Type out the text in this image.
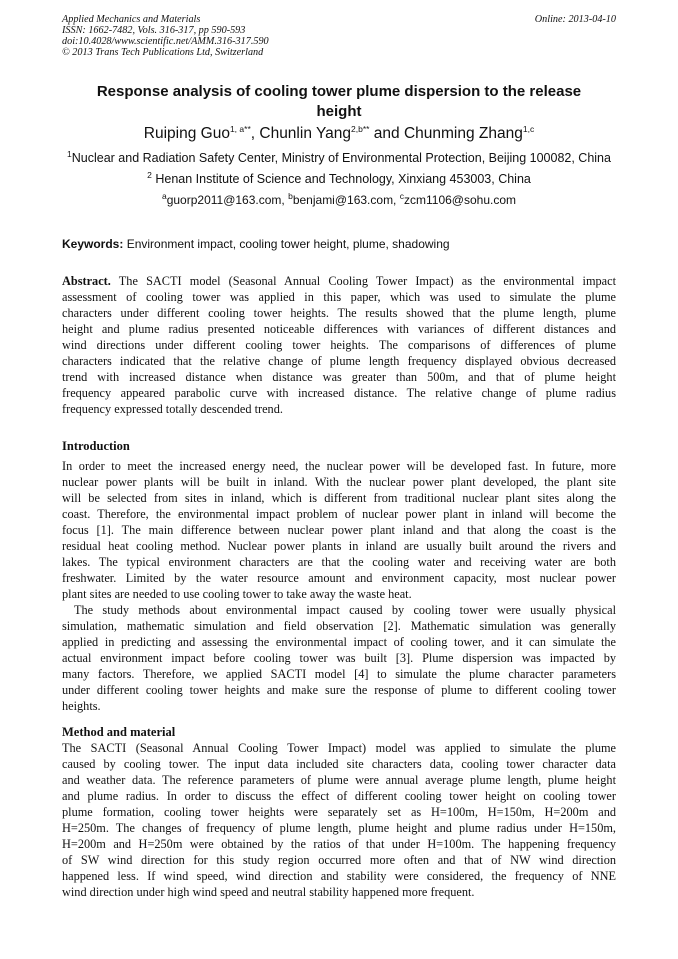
Applied Mechanics and Materials
ISSN: 1662-7482, Vols. 316-317, pp 590-593
doi:10.4028/www.scientific.net/AMM.316-317.590
© 2013 Trans Tech Publications Ltd, Switzerland
Online: 2013-04-10
Response analysis of cooling tower plume dispersion to the release
height
Ruiping Guo$^{1, a**}$, Chunlin Yang$^{2,b**}$ and Chunming Zhang$^{1,c}$
$^1$Nuclear and Radiation Safety Center, Ministry of Environmental Protection, Beijing 100082, China
$^2$ Henan Institute of Science and Technology, Xinxiang 453003, China
$^a$guorp2011@163.com, $^b$benjami@163.com, $^c$zcm1106@sohu.com
Keywords: Environment impact, cooling tower height, plume, shadowing
Abstract. The SACTI model (Seasonal Annual Cooling Tower Impact) as the environmental impact
assessment of cooling tower was applied in this paper, which was used to simulate the plume
characters under different cooling tower heights. The results showed that the plume length, plume
height and plume radius presented noticeable differences with variances of different distances and
wind directions under different cooling tower heights. The comparisons of differences of plume
characters indicated that the relative change of plume length frequency displayed obvious decreased
trend with increased distance when distance was greater than 500m, and that of plume height
frequency appeared parabolic curve with increased distance. The relative change of plume radius
frequency expressed totally descended trend.
Introduction
In order to meet the increased energy need, the nuclear power will be developed fast. In future, more
nuclear power plants will be built in inland. With the nuclear power plant developed, the plant site
will be selected from sites in inland, which is different from traditional nuclear plant sites along the
coast. Therefore, the environmental impact problem of nuclear power plant in inland will become the
focus [1]. The main difference between nuclear power plant inland and that along the coast is the
residual heat cooling method. Nuclear power plants in inland are usually built around the rivers and
lakes. The typical environment characters are that the cooling water and receiving water are both
freshwater. Limited by the water resource amount and environment capacity, most nuclear power
plant sites are needed to use cooling tower to take away the waste heat.
The study methods about environmental impact caused by cooling tower were usually physical
simulation, mathematic simulation and field observation [2]. Mathematic simulation was generally
applied in predicting and assessing the environmental impact of cooling tower, and it can simulate the
actual environment impact before cooling tower was built [3]. Plume dispersion was impacted by
many factors. Therefore, we applied SACTI model [4] to simulate the plume character parameters
under different cooling tower heights and make sure the response of plume to different cooling tower
heights.
Method and material
The SACTI (Seasonal Annual Cooling Tower Impact) model was applied to simulate the plume
caused by cooling tower. The input data included site characters data, cooling tower character data
and weather data. The reference parameters of plume were annual average plume length, plume height
and plume radius. In order to discuss the effect of different cooling tower height on cooling tower
plume formation, cooling tower heights were separately set as H=100m, H=150m, H=200m and
H=250m. The changes of frequency of plume length, plume height and plume radius under H=150m,
H=200m and H=250m were obtained by the ratios of that under H=100m. The happening frequency
of SW wind direction for this study region occurred more often and that of NW wind direction
happened less. If wind speed, wind direction and stability were considered, the frequency of NNE
wind direction under high wind speed and neutral stability happened more frequent.
